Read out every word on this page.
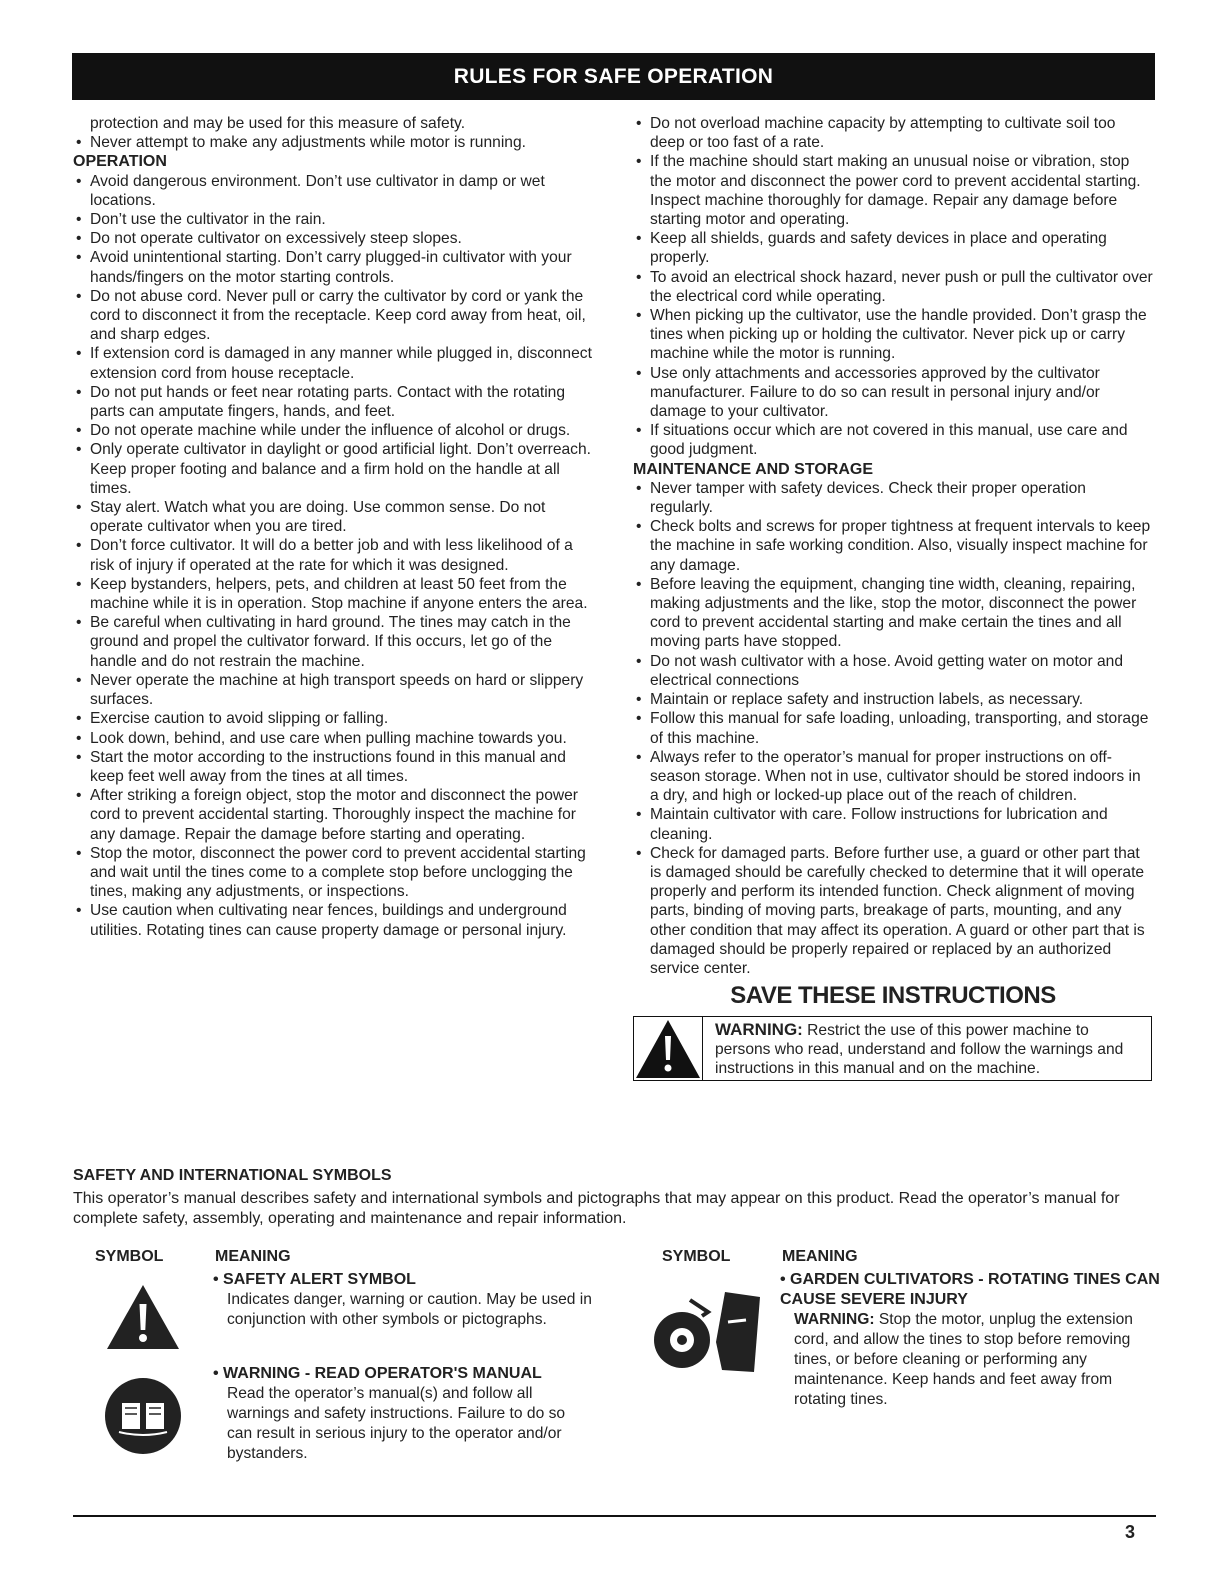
RULES FOR SAFE OPERATION

protection and may be used for this measure of safety.

• Never attempt to make any adjustments while motor is running.
OPERATION
• Avoid dangerous environment. Don’t use cultivator in damp or wet locations.
• Don’t use the cultivator in the rain.
• Do not operate cultivator on excessively steep slopes.
• Avoid unintentional starting. Don’t carry plugged-in cultivator with your hands/fingers on the motor starting controls.
• Do not abuse cord. Never pull or carry the cultivator by cord or yank the cord to disconnect it from the receptacle. Keep cord away from heat, oil, and sharp edges.
• If extension cord is damaged in any manner while plugged in, disconnect extension cord from house receptacle.
• Do not put hands or feet near rotating parts. Contact with the rotating parts can amputate fingers, hands, and feet.
• Do not operate machine while under the influence of alcohol or drugs.
• Only operate cultivator in daylight or good artificial light. Don’t overreach. Keep proper footing and balance and a firm hold on the handle at all times.
• Stay alert. Watch what you are doing. Use common sense. Do not operate cultivator when you are tired.
• Don’t force cultivator. It will do a better job and with less likelihood of a risk of injury if operated at the rate for which it was designed.
• Keep bystanders, helpers, pets, and children at least 50 feet from the machine while it is in operation. Stop machine if anyone enters the area.
• Be careful when cultivating in hard ground. The tines may catch in the ground and propel the cultivator forward. If this occurs, let go of the handle and do not restrain the machine.
• Never operate the machine at high transport speeds on hard or slippery surfaces.
• Exercise caution to avoid slipping or falling.
• Look down, behind, and use care when pulling machine towards you.
• Start the motor according to the instructions found in this manual and keep feet well away from the tines at all times.
• After striking a foreign object, stop the motor and disconnect the power cord to prevent accidental starting. Thoroughly inspect the machine for any damage. Repair the damage before starting and operating.
• Stop the motor, disconnect the power cord to prevent accidental starting and wait until the tines come to a complete stop before unclogging the tines, making any adjustments, or inspections.
• Use caution when cultivating near fences, buildings and underground utilities. Rotating tines can cause property damage or personal injury.
• Do not overload machine capacity by attempting to cultivate soil too deep or too fast of a rate.
• If the machine should start making an unusual noise or vibration, stop the motor and disconnect the power cord to prevent accidental starting. Inspect machine thoroughly for damage. Repair any damage before starting motor and operating.
• Keep all shields, guards and safety devices in place and operating properly.
• To avoid an electrical shock hazard, never push or pull the cultivator over the electrical cord while operating.
• When picking up the cultivator, use the handle provided. Don’t grasp the tines when picking up or holding the cultivator. Never pick up or carry machine while the motor is running.
• Use only attachments and accessories approved by the cultivator manufacturer. Failure to do so can result in personal injury and/or damage to your cultivator.
• If situations occur which are not covered in this manual, use care and good judgment.
MAINTENANCE AND STORAGE
• Never tamper with safety devices. Check their proper operation regularly.
• Check bolts and screws for proper tightness at frequent intervals to keep the machine in safe working condition. Also, visually inspect machine for any damage.
• Before leaving the equipment, changing tine width, cleaning, repairing, making adjustments and the like, stop the motor, disconnect the power cord to prevent accidental starting and make certain the tines and all moving parts have stopped.
• Do not wash cultivator with a hose. Avoid getting water on motor and electrical connections
• Maintain or replace safety and instruction labels, as necessary.
• Follow this manual for safe loading, unloading, transporting, and storage of this machine.
• Always refer to the operator’s manual for proper instructions on off-season storage. When not in use, cultivator should be stored indoors in a dry, and high or locked-up place out of the reach of children.
• Maintain cultivator with care. Follow instructions for lubrication and cleaning.
• Check for damaged parts. Before further use, a guard or other part that is damaged should be carefully checked to determine that it will operate properly and perform its intended function. Check alignment of moving parts, binding of moving parts, breakage of parts, mounting, and any other condition that may affect its operation. A guard or other part that is damaged should be properly repaired or replaced by an authorized service center.
SAVE THESE INSTRUCTIONS
WARNING: Restrict the use of this power machine to persons who read, understand and follow the warnings and instructions in this manual and on the machine.
SAFETY AND INTERNATIONAL SYMBOLS

This operator’s manual describes safety and international symbols and pictographs that may appear on this product. Read the operator’s manual for complete safety, assembly, operating and maintenance and repair information.

SYMBOL	MEANING
• SAFETY ALERT SYMBOL
Indicates danger, warning or caution. May be used in conjunction with other symbols or pictographs.
• WARNING - READ OPERATOR'S MANUAL
Read the operator’s manual(s) and follow all warnings and safety instructions. Failure to do so can result in serious injury to the operator and/or bystanders.
SYMBOL	MEANING
• GARDEN CULTIVATORS - ROTATING TINES CAN CAUSE SEVERE INJURY
WARNING: Stop the motor, unplug the extension cord, and allow the tines to stop before removing tines, or before cleaning or performing any maintenance. Keep hands and feet away from rotating tines.
3
